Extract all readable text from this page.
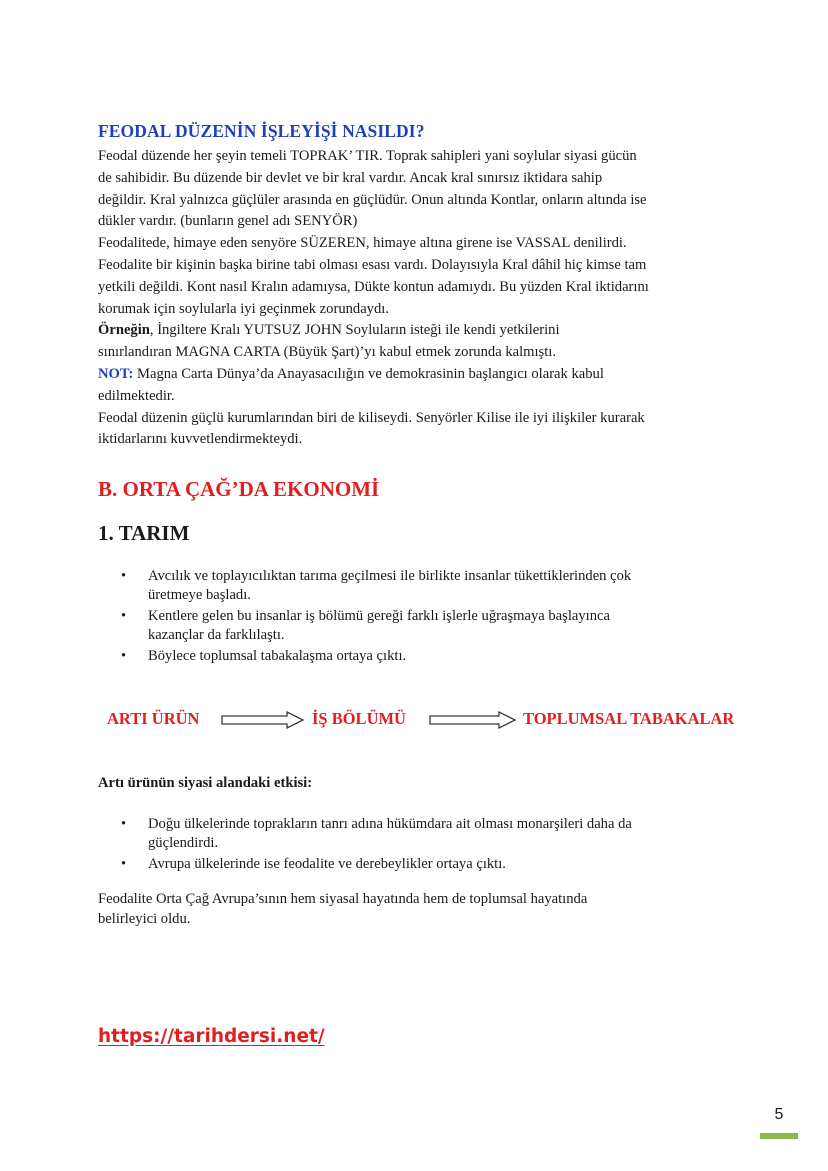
FEODAL DÜZENİN İŞLEYİŞİ NASILDI?
Feodal düzende her şeyin temeli TOPRAK’ TIR. Toprak sahipleri yani soylular siyasi gücün
de sahibidir. Bu düzende bir devlet ve bir kral vardır. Ancak kral sınırsız iktidara sahip
değildir. Kral yalnızca güçlüler arasında en güçlüdür. Onun altında Kontlar, onların altında ise
dükler vardır. (bunların genel adı SENYÖR)
Feodalitede, himaye eden senyöre SÜZEREN, himaye altına girene ise VASSAL denilirdi.
Feodalite bir kişinin başka birine tabi olması esası vardı. Dolayısıyla Kral dâhil hiç kimse tam
yetkili değildi. Kont nasıl Kralın adamıysa, Dükte kontun adamıydı. Bu yüzden Kral iktidarını
korumak için soylularla iyi geçinmek zorundaydı.
Örneğin, İngiltere Kralı YUTSUZ JOHN Soyluların isteği ile kendi yetkilerini
sınırlandıran MAGNA CARTA (Büyük Şart)’yı kabul etmek zorunda kalmıştı.
NOT: Magna Carta Dünya’da Anayasacılığın ve demokrasinin başlangıcı olarak kabul
edilmektedir.
Feodal düzenin güçlü kurumlarından biri de kiliseydi. Senyörler Kilise ile iyi ilişkiler kurarak
iktidarlarını kuvvetlendirmekteydi.
B. ORTA ÇAĞ’DA EKONOMİ
1. TARIM
• Avcılık ve toplayıcılıktan tarıma geçilmesi ile birlikte insanlar tükettiklerinden çok
üretmeye başladı.
• Kentlere gelen bu insanlar iş bölümü gereği farklı işlerle uğraşmaya başlayınca
kazançlar da farklılaştı.
• Böylece toplumsal tabakalaşma ortaya çıktı.
ARTI ÜRÜN	İŞ BÖLÜMÜ	TOPLUMSAL TABAKALAR

Artı ürünün siyasi alandaki etkisi:

• Doğu ülkelerinde toprakların tanrı adına hükümdara ait olması monarşileri daha da
güçlendirdi.
• Avrupa ülkelerinde ise feodalite ve derebeylikler ortaya çıktı.
Feodalite Orta Çağ Avrupa’sının hem siyasal hayatında hem de toplumsal hayatında
belirleyici oldu.
https://tarihdersi.net/
5
